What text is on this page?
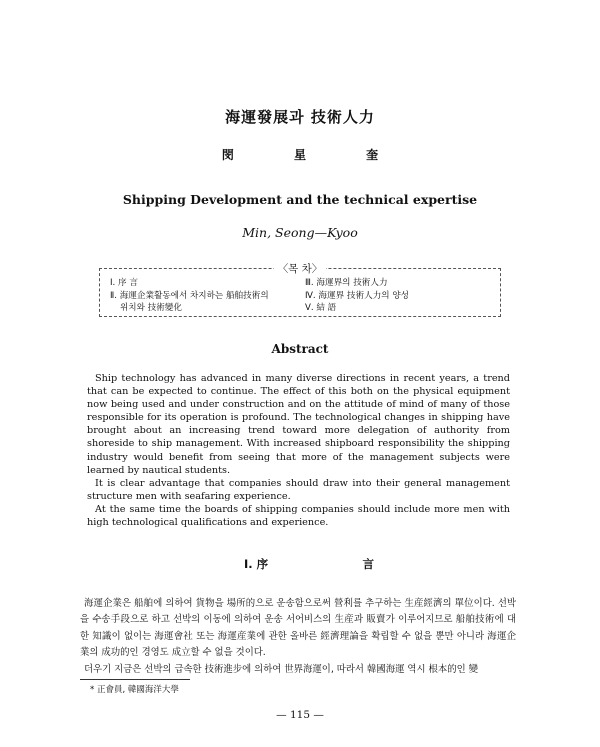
海運發展과 技術人力
閔 星 奎
Shipping Development and the technical expertise
Min, Seong—Kyoo
〈목 차〉
Ⅰ. 序 言
Ⅱ. 海運企業활동에서 차지하는 船舶技術의
위치와 技術變化
Ⅲ. 海運界의 技術人力
Ⅳ. 海運界 技術人力의 양성
Ⅴ. 結 語
Abstract

Ship technology has advanced in many diverse directions in recent years, a trend that can be expected to continue. The effect of this both on the physical equipment now being used and under construction and on the attitude of mind of many of those responsible for its operation is profound. The technological changes in shipping have brought about an increasing trend toward more delegation of authority from shoreside to ship management. With increased shipboard responsibility the shipping industry would benefit from seeing that more of the management subjects were learned by nautical students.

It is clear advantage that companies should draw into their general management structure men with seafaring experience.

At the same time the boards of shipping companies should include more men with high technological qualifications and experience.

Ⅰ. 序	言

海運企業은 船舶에 의하여 貨物을 場所的으로 운송함으로써 營利를 추구하는 生産經濟의 單位이다. 선박을 수송手段으로 하고 선박의 이동에 의하여 운송 서어비스의 生産과 販賣가 이루어지므로 船舶技術에 대한 知識이 없이는 海運會社 또는 海運産業에 관한 올바른 經濟理論을 확립할 수 없을 뿐만 아니라 海運企業의 成功的인 경영도 成立할 수 없을 것이다.

더우기 지금은 선박의 급속한 技術進步에 의하여 世界海運이, 따라서 韓國海運 역시 根本的인 變

* 正會員, 韓國海洋大學
— 115 —
